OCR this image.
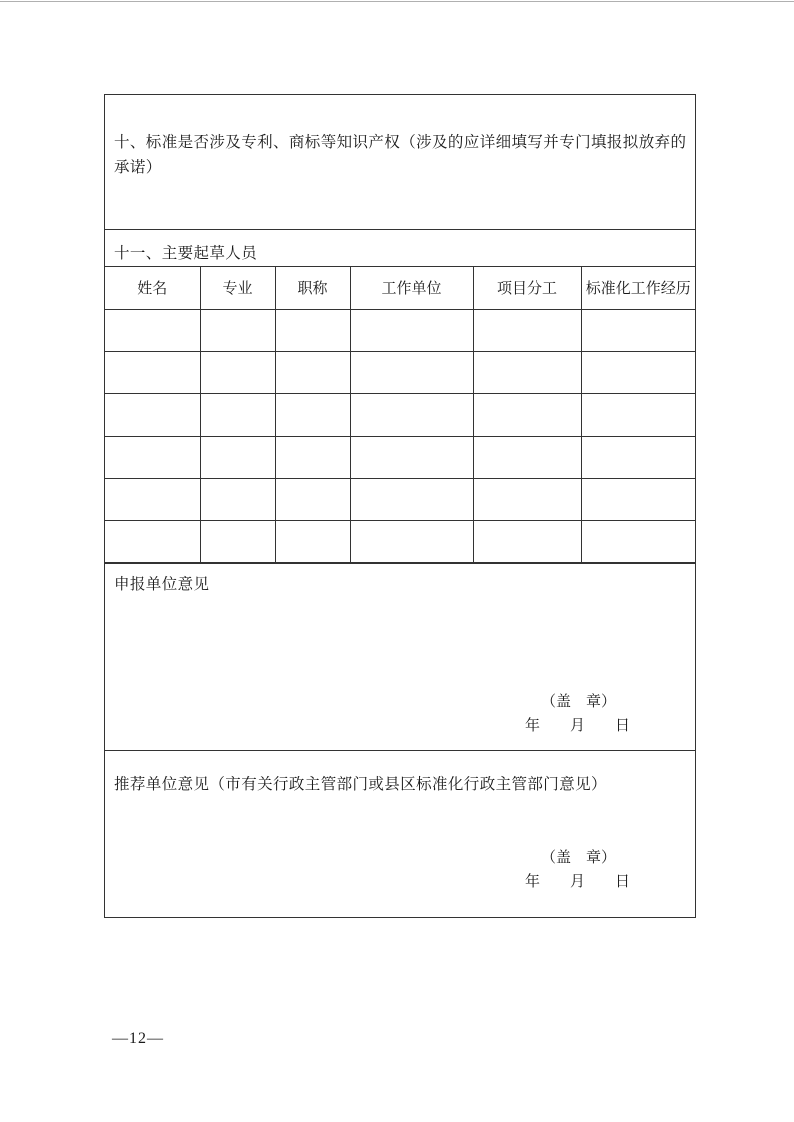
十、标准是否涉及专利、商标等知识产权（涉及的应详细填写并专门填报拟放弃的承诺）
十一、主要起草人员
姓名	专业	职称	工作单位	项目分工	标准化工作经历

申报单位意见
（盖　章）
年　　月　　日
推荐单位意见（市有关行政主管部门或县区标准化行政主管部门意见）
（盖　章）
年　　月　　日
—12—
